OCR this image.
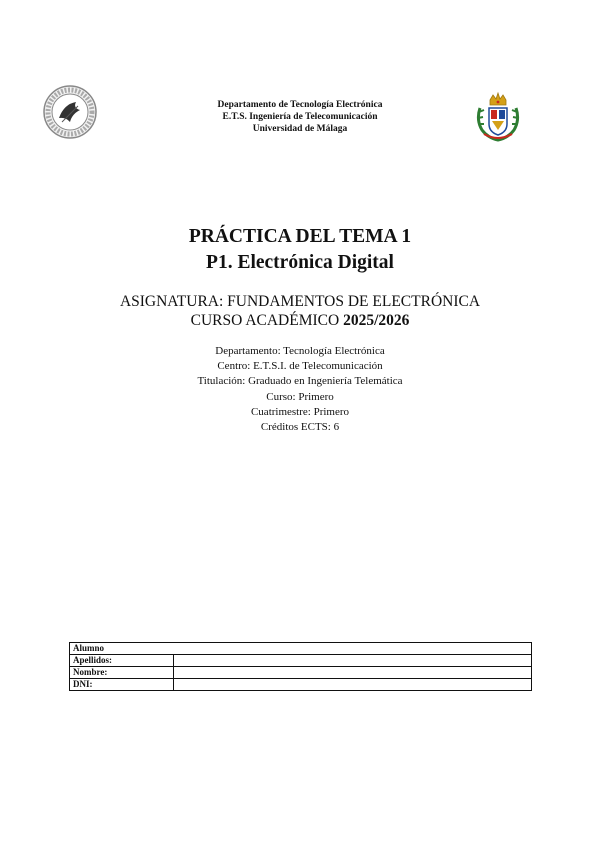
Departamento de Tecnología Electrónica
E.T.S. Ingeniería de Telecomunicación
Universidad de Málaga
PRÁCTICA DEL TEMA 1
P1. Electrónica Digital
ASIGNATURA: FUNDAMENTOS DE ELECTRÓNICA
CURSO ACADÉMICO 2025/2026
Departamento: Tecnología Electrónica
Centro: E.T.S.I. de Telecomunicación
Titulación: Graduado en Ingeniería Telemática
Curso: Primero
Cuatrimestre: Primero
Créditos ECTS: 6
Alumno	
Apellidos:	
Nombre:	
DNI:	
